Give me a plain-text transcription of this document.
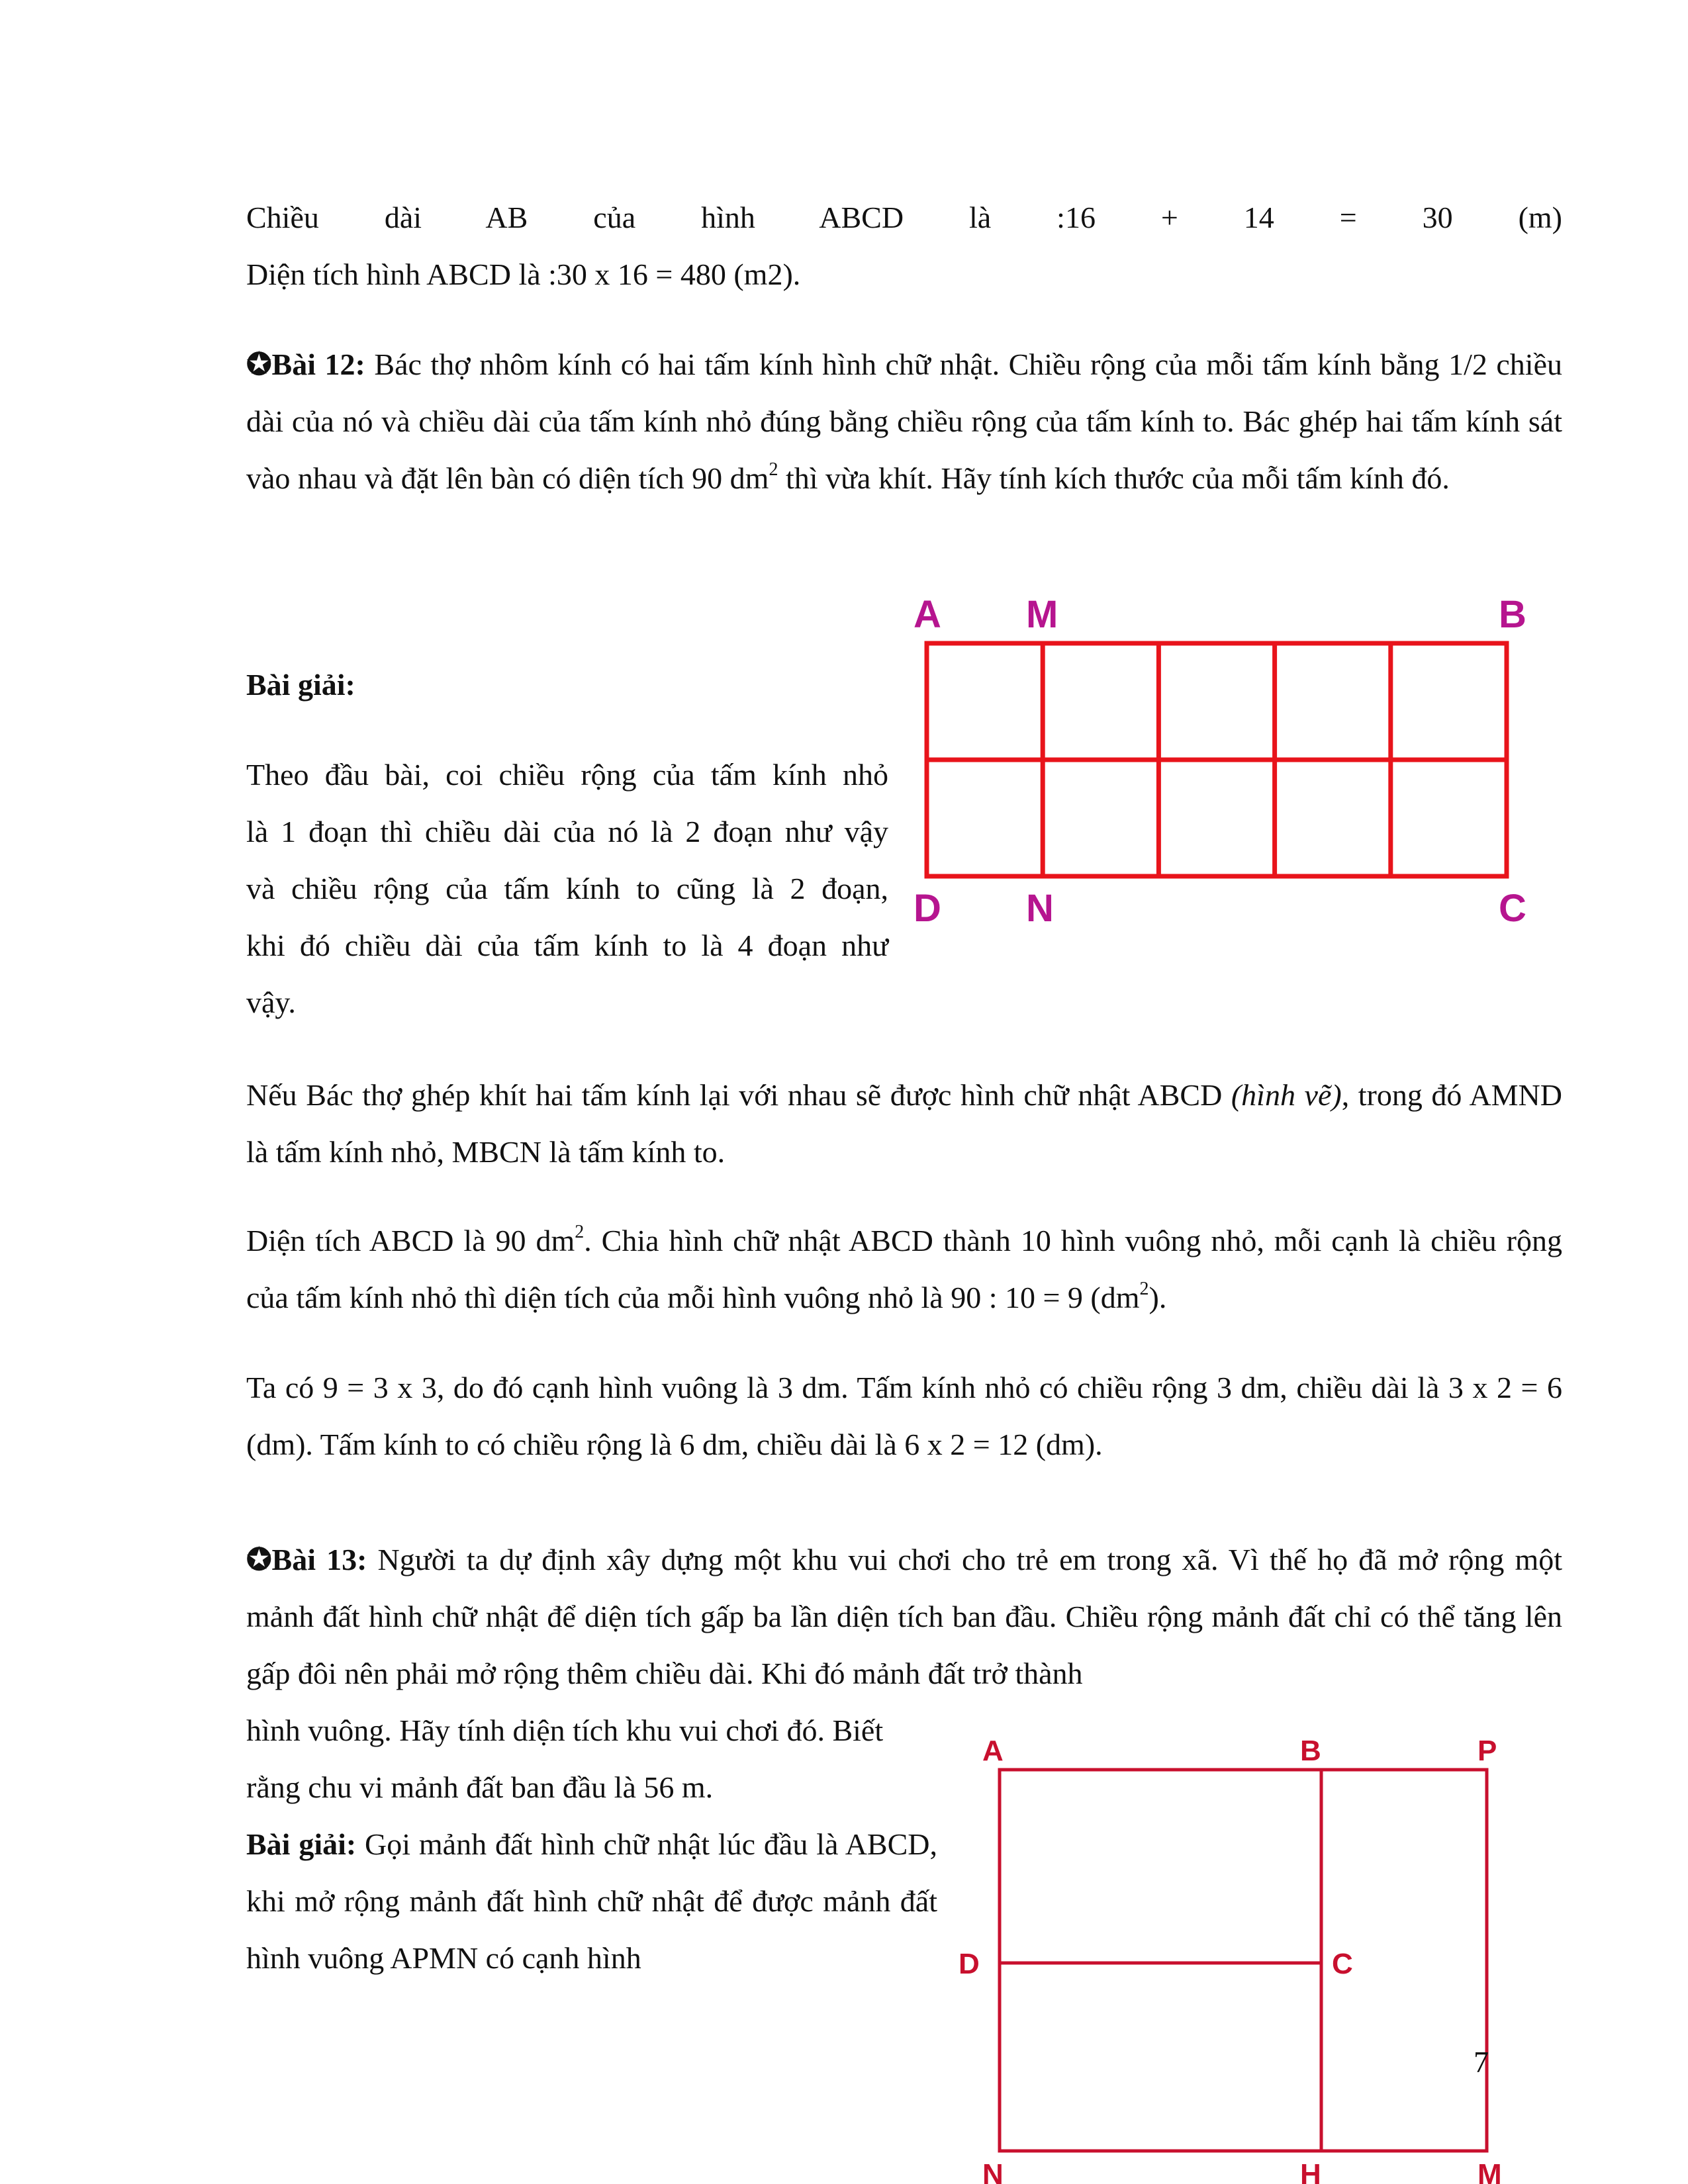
Chiều dài AB của hình ABCD là :16 + 14 = 30 (m)

Diện tích hình ABCD là :30 x 16 = 480 (m2).

✪Bài 12: Bác thợ nhôm kính có hai tấm kính hình chữ nhật. Chiều rộng của mỗi tấm kính bằng 1/2 chiều dài của nó và chiều dài của tấm kính nhỏ đúng bằng chiều rộng của tấm kính to. Bác ghép hai tấm kính sát vào nhau và đặt lên bàn có diện tích 90 $dm^2$ thì vừa khít. Hãy tính kích thước của mỗi tấm kính đó.

Bài giải:

Theo đầu bài, coi chiều rộng của tấm kính nhỏ
là 1 đoạn thì chiều dài của nó là 2 đoạn như vậy
và chiều rộng của tấm kính to cũng là 2 đoạn,
khi đó chiều dài của tấm kính to là 4 đoạn như
vậy.

A M	B
D N	C

Nếu Bác thợ ghép khít hai tấm kính lại với nhau sẽ được hình chữ nhật ABCD (hình vẽ), trong đó AMND là tấm kính nhỏ, MBCN là tấm kính to.

Diện tích ABCD là 90 $dm^2$. Chia hình chữ nhật ABCD thành 10 hình vuông nhỏ, mỗi cạnh là chiều rộng của tấm kính nhỏ thì diện tích của mỗi hình vuông nhỏ là 90 : 10 = 9 $(dm^2)$.

Ta có 9 = 3 x 3, do đó cạnh hình vuông là 3 dm. Tấm kính nhỏ có chiều rộng 3 dm, chiều dài là 3 x 2 = 6 (dm). Tấm kính to có chiều rộng là 6 dm, chiều dài là 6 x 2 = 12 (dm).

✪Bài 13: Người ta dự định xây dựng một khu vui chơi cho trẻ em trong xã. Vì thế họ đã mở rộng một mảnh đất hình chữ nhật để diện tích gấp ba lần diện tích ban đầu. Chiều rộng mảnh đất chỉ có thể tăng lên gấp đôi nên phải mở rộng thêm chiều dài. Khi đó mảnh đất trở thành

hình vuông. Hãy tính diện tích khu vui chơi đó. Biết rằng chu vi mảnh đất ban đầu là 56 m.

Bài giải: Gọi mảnh đất hình chữ nhật lúc đầu là ABCD, khi mở rộng mảnh đất hình chữ nhật để được mảnh đất hình vuông APMN có cạnh hình

A	B	P
D	C
N	H	M
7
